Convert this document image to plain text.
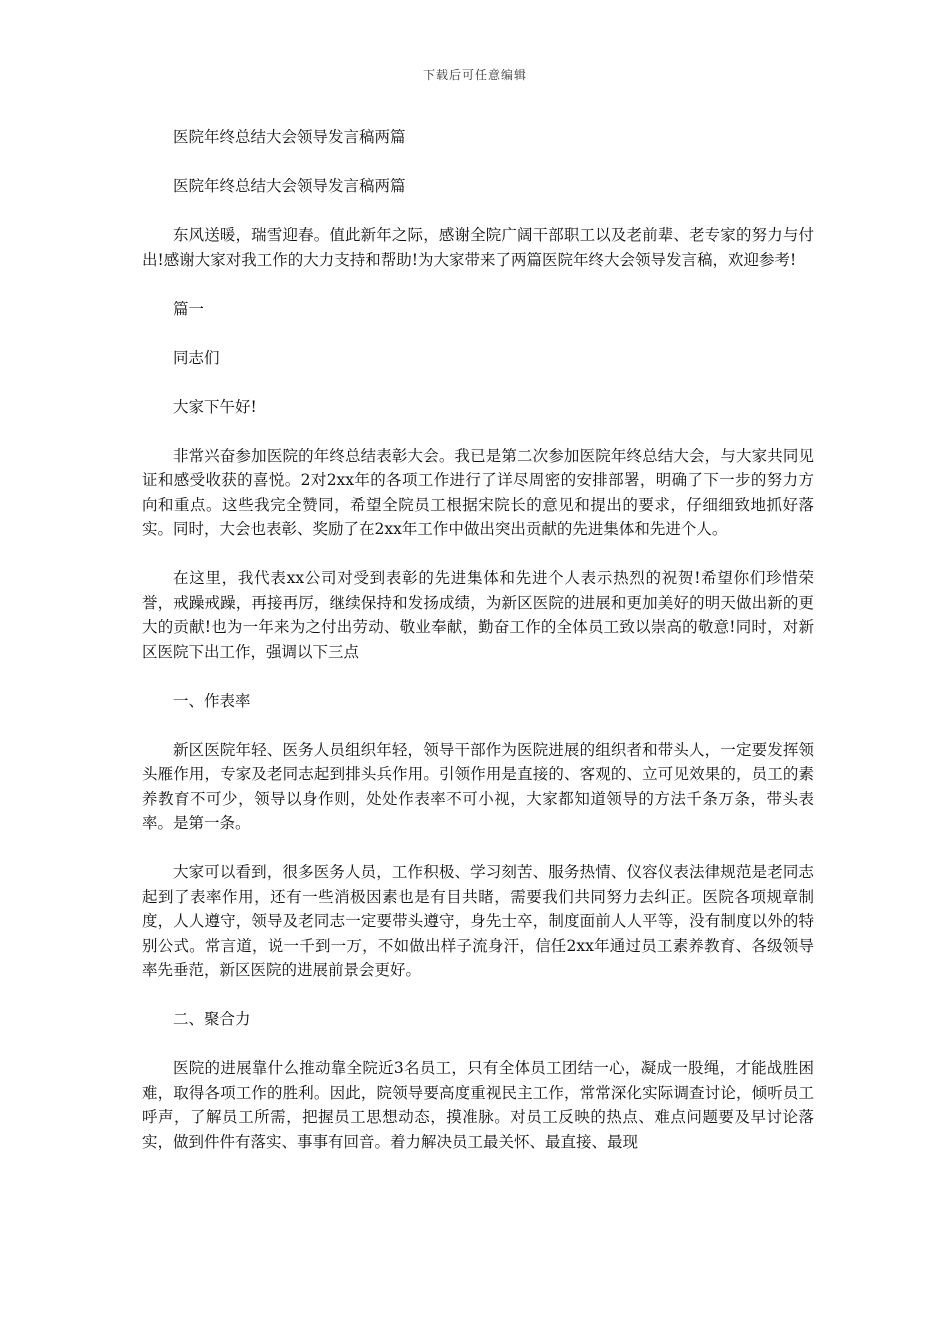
下载后可任意编辑

医院年终总结大会领导发言稿两篇

医院年终总结大会领导发言稿两篇

东风送暖，瑞雪迎春。值此新年之际，感谢全院广阔干部职工以及老前辈、老专家的努力与付出!感谢大家对我工作的大力支持和帮助!为大家带来了两篇医院年终大会领导发言稿，欢迎参考!

篇一

同志们

大家下午好!

非常兴奋参加医院的年终总结表彰大会。我已是第二次参加医院年终总结大会，与大家共同见证和感受收获的喜悦。2对2xx年的各项工作进行了详尽周密的安排部署，明确了下一步的努力方向和重点。这些我完全赞同，希望全院员工根据宋院长的意见和提出的要求，仔细细致地抓好落实。同时，大会也表彰、奖励了在2xx年工作中做出突出贡献的先进集体和先进个人。

在这里，我代表xx公司对受到表彰的先进集体和先进个人表示热烈的祝贺!希望你们珍惜荣誉，戒躁戒躁，再接再厉，继续保持和发扬成绩，为新区医院的进展和更加美好的明天做出新的更大的贡献!也为一年来为之付出劳动、敬业奉献，勤奋工作的全体员工致以崇高的敬意!同时，对新区医院下出工作，强调以下三点

一、作表率

新区医院年轻、医务人员组织年轻，领导干部作为医院进展的组织者和带头人，一定要发挥领头雁作用，专家及老同志起到排头兵作用。引领作用是直接的、客观的、立可见效果的，员工的素养教育不可少，领导以身作则，处处作表率不可小视，大家都知道领导的方法千条万条，带头表率。是第一条。

大家可以看到，很多医务人员，工作积极、学习刻苦、服务热情、仪容仪表法律规范是老同志起到了表率作用，还有一些消极因素也是有目共睹，需要我们共同努力去纠正。医院各项规章制度，人人遵守，领导及老同志一定要带头遵守，身先士卒，制度面前人人平等，没有制度以外的特别公式。常言道，说一千到一万，不如做出样子流身汗，信任2xx年通过员工素养教育、各级领导率先垂范，新区医院的进展前景会更好。

二、聚合力

医院的进展靠什么推动靠全院近3名员工，只有全体员工团结一心，凝成一股绳，才能战胜困难，取得各项工作的胜利。因此，院领导要高度重视民主工作，常常深化实际调查讨论，倾听员工呼声，了解员工所需，把握员工思想动态，摸准脉。对员工反映的热点、难点问题要及早讨论落实，做到件件有落实、事事有回音。着力解决员工最关怀、最直接、最现
